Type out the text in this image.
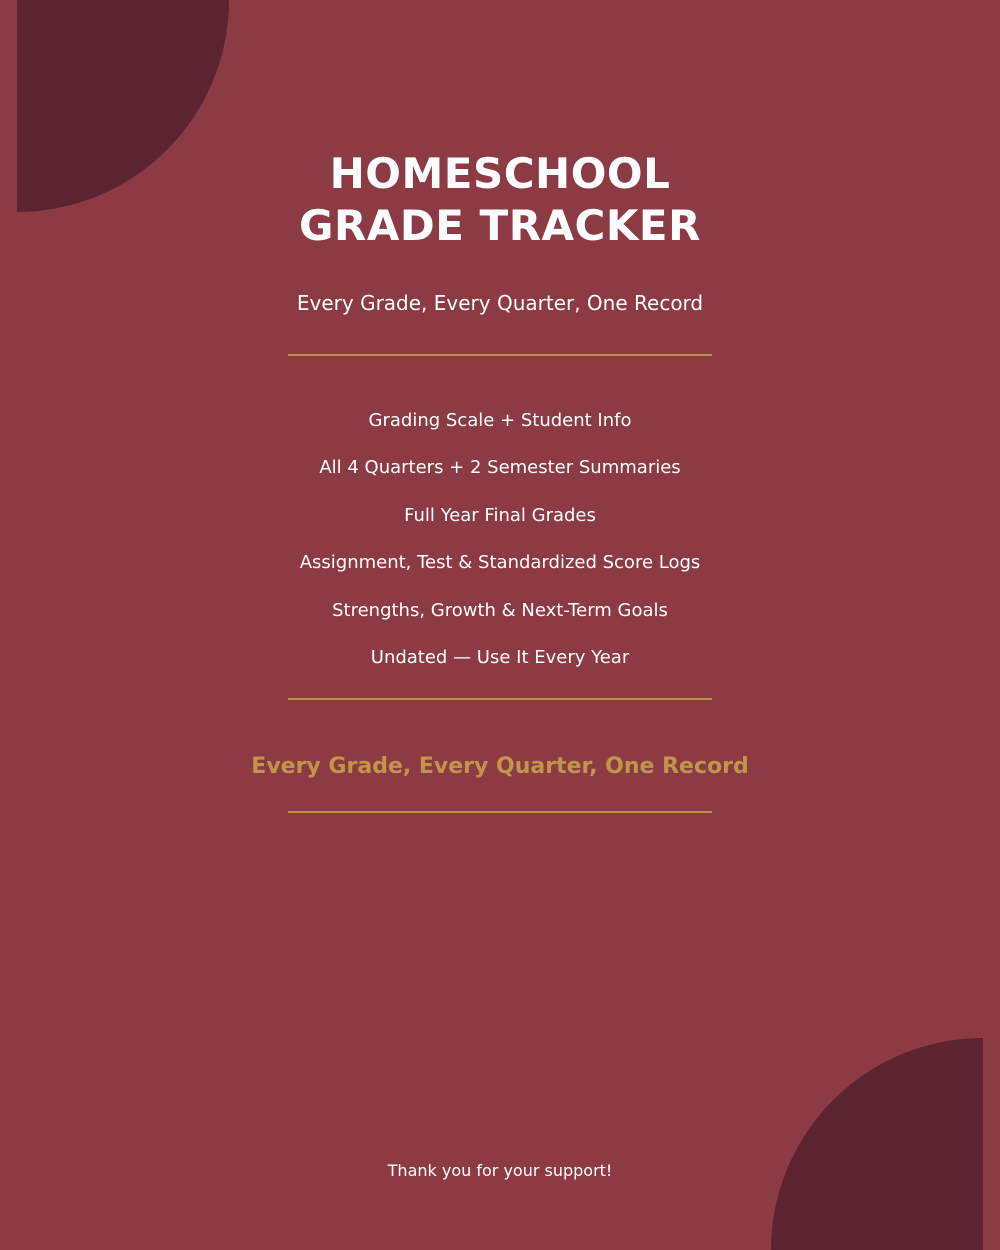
HOMESCHOOL
GRADE TRACKER
Every Grade, Every Quarter, One Record
Grading Scale + Student Info
All 4 Quarters + 2 Semester Summaries
Full Year Final Grades
Assignment, Test & Standardized Score Logs
Strengths, Growth & Next-Term Goals
Undated — Use It Every Year
Every Grade, Every Quarter, One Record
Thank you for your support!
